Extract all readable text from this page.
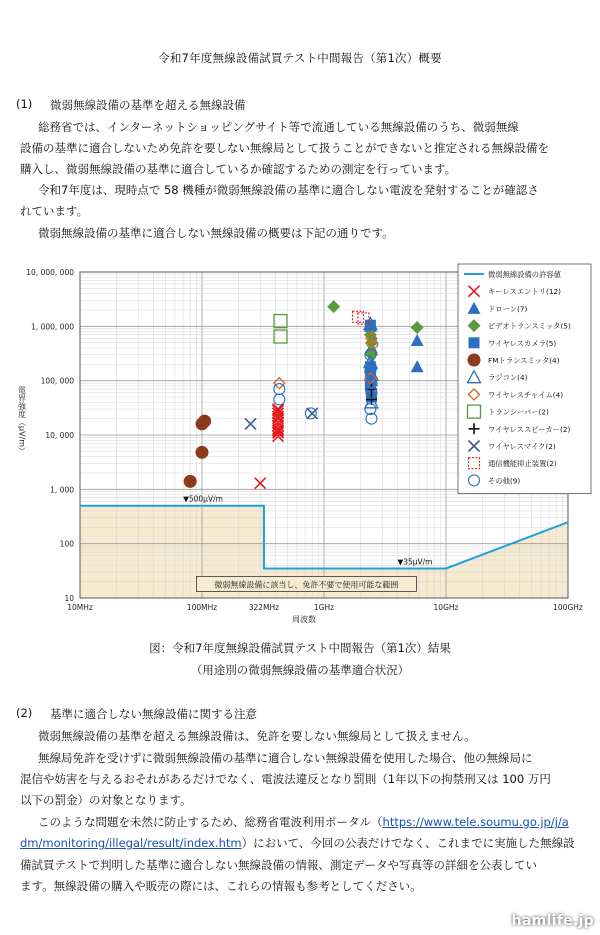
令和7年度無線設備試買テスト中間報告（第1次）概要
(1) 微弱無線設備の基準を超える無線設備
総務省では、インターネットショッピングサイト等で流通している無線設備のうち、微弱無線
設備の基準に適合しないため免許を要しない無線局として扱うことができないと推定される無線設備を
購入し、微弱無線設備の基準に適合しているか確認するための測定を行っています。
令和7年度は、現時点で 58 機種が微弱無線設備の基準に適合しない電波を発射することが確認さ
れています。
微弱無線設備の基準に適合しない無線設備の概要は下記の通りです。
10MHz	100MHz	322MHz	1GHz	10GHz	100GHz
10
100
1, 000
10, 000
100, 000
1, 000, 000
10, 000, 000
周波数
電界強度（μV/m）
▼500μV/m
▼35μV/m
微弱無線設備に該当し、免許不要で使用可能な範囲
微弱無線設備の許容値
キーレスエントリ(12)
ドローン(7)
ビデオトランスミッタ(5)
ワイヤレスカメラ(5)
FMトランスミッタ(4)
ラジコン(4)
ワイヤレスチャイム(4)
トランシーバー(2)
ワイヤレススピーカー(2)
ワイヤレスマイク(2)
通信機能抑止装置(2)
その他(9)
図：令和7年度無線設備試買テスト中間報告（第1次）結果
（用途別の微弱無線設備の基準適合状況）
(2) 基準に適合しない無線設備に関する注意
微弱無線設備の基準を超える無線設備は、免許を要しない無線局として扱えません。
無線局免許を受けずに微弱無線設備の基準に適合しない無線設備を使用した場合、他の無線局に
混信や妨害を与えるおそれがあるだけでなく、電波法違反となり罰則（1年以下の拘禁刑又は 100 万円
以下の罰金）の対象となります。
このような問題を未然に防止するため、総務省電波利用ポータル（https://www.tele.soumu.go.jp/j/a
dm/monitoring/illegal/result/index.htm）において、今回の公表だけでなく、これまでに実施した無線設
備試買テストで判明した基準に適合しない無線設備の情報、測定データや写真等の詳細を公表してい
ます。無線設備の購入や販売の際には、これらの情報も参考としてください。
hamlife.jp
